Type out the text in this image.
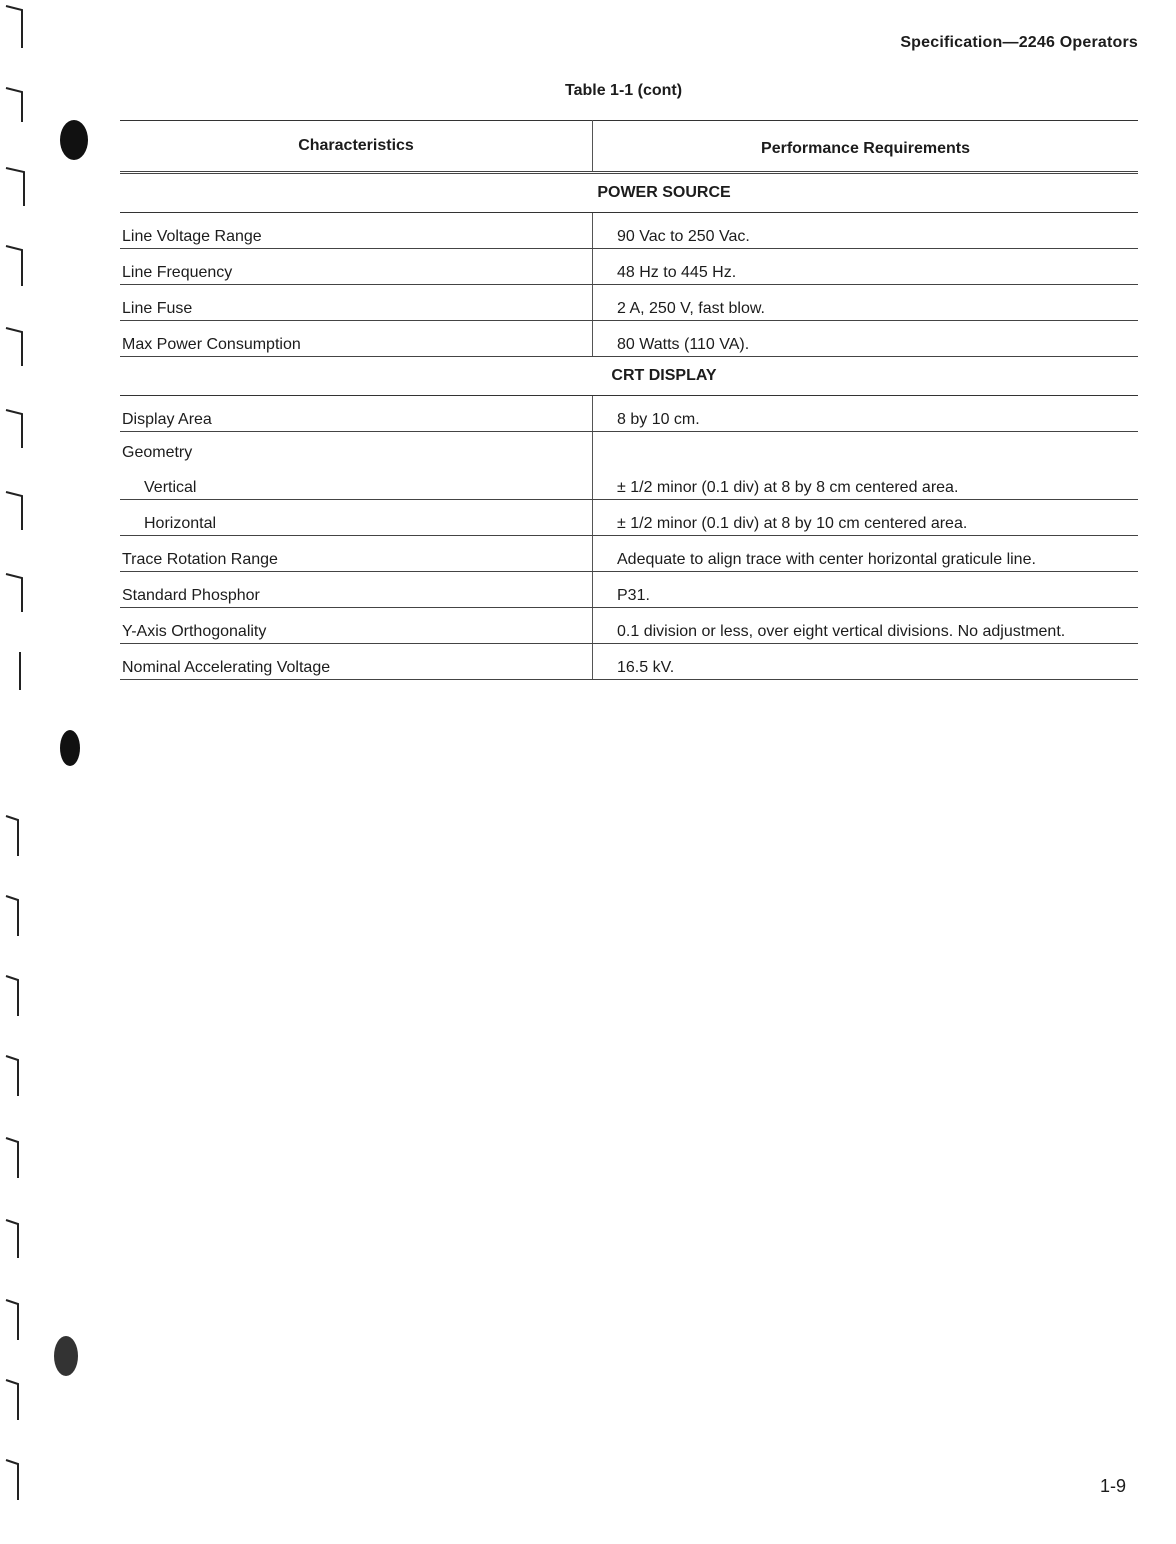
Specification—2246 Operators
Table 1-1 (cont)
Characteristics	Performance Requirements
POWER SOURCE	
Line Voltage Range	90 Vac to 250 Vac.
Line Frequency	48 Hz to 445 Hz.
Line Fuse	2 A, 250 V, fast blow.
Max Power Consumption	80 Watts (110 VA).
CRT DISPLAY	
Display Area	8 by 10 cm.
Geometry	
Vertical	± 1/2 minor (0.1 div) at 8 by 8 cm centered area.
Horizontal	± 1/2 minor (0.1 div) at 8 by 10 cm centered area.
Trace Rotation Range	Adequate to align trace with center horizontal graticule line.
Standard Phosphor	P31.
Y-Axis Orthogonality	0.1 division or less, over eight vertical divisions. No adjustment.
Nominal Accelerating Voltage	16.5 kV.
1-9
